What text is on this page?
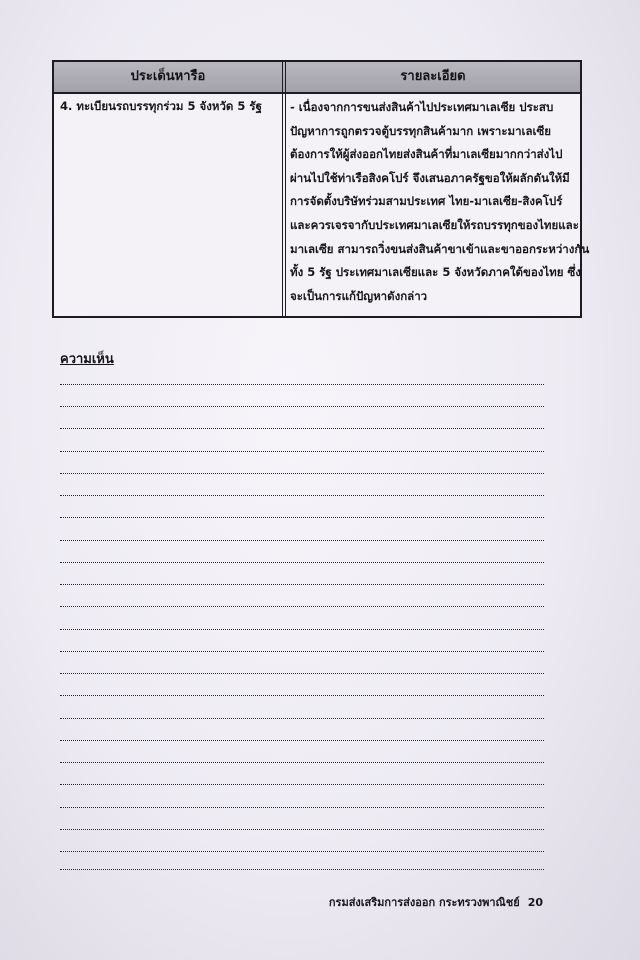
ประเด็นหารือ	รายละเอียด
4. ทะเบียนรถบรรทุกร่วม 5 จังหวัด 5 รัฐ	- เนื่องจากการขนส่งสินค้าไปประเทศมาเลเซีย ประสบ
ปัญหาการถูกตรวจตู้บรรทุกสินค้ามาก เพราะมาเลเซีย
ต้องการให้ผู้ส่งออกไทยส่งสินค้าที่มาเลเซียมากกว่าส่งไป
ผ่านไปใช้ท่าเรือสิงคโปร์ จึงเสนอภาครัฐขอให้ผลักดันให้มี
การจัดตั้งบริษัทร่วมสามประเทศ ไทย-มาเลเซีย-สิงคโปร์
และควรเจรจากับประเทศมาเลเซียให้รถบรรทุกของไทยและ
มาเลเซีย สามารถวิ่งขนส่งสินค้าขาเข้าและขาออกระหว่างกัน
ทั้ง 5 รัฐ ประเทศมาเลเซียและ 5 จังหวัดภาคใต้ของไทย ซึ่ง
จะเป็นการแก้ปัญหาดังกล่าว
ความเห็น
กรมส่งเสริมการส่งออก กระทรวงพาณิชย์ 20
